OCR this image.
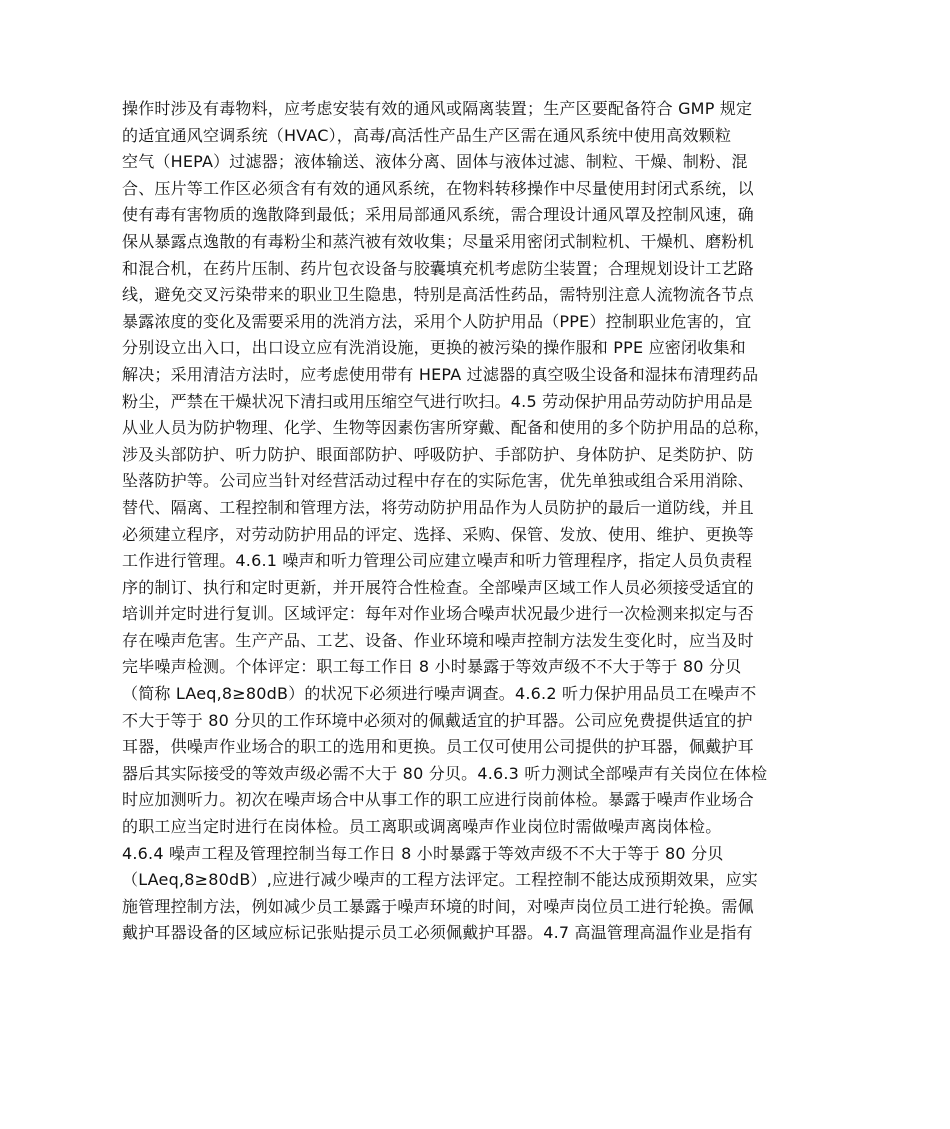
操作时涉及有毒物料，应考虑安装有效的通风或隔离装置；生产区要配备符合 GMP 规定
的适宜通风空调系统（HVAC），高毒/高活性产品生产区需在通风系统中使用高效颗粒
空气（HEPA）过滤器；液体输送、液体分离、固体与液体过滤、制粒、干燥、制粉、混
合、压片等工作区必须含有有效的通风系统，在物料转移操作中尽量使用封闭式系统，以
使有毒有害物质的逸散降到最低；采用局部通风系统，需合理设计通风罩及控制风速，确
保从暴露点逸散的有毒粉尘和蒸汽被有效收集；尽量采用密闭式制粒机、干燥机、磨粉机
和混合机，在药片压制、药片包衣设备与胶囊填充机考虑防尘装置；合理规划设计工艺路
线，避免交叉污染带来的职业卫生隐患，特别是高活性药品，需特别注意人流物流各节点
暴露浓度的变化及需要采用的洗消方法，采用个人防护用品（PPE）控制职业危害的，宜
分别设立出入口，出口设立应有洗消设施，更换的被污染的操作服和 PPE 应密闭收集和
解决；采用清洁方法时，应考虑使用带有 HEPA 过滤器的真空吸尘设备和湿抹布清理药品
粉尘，严禁在干燥状况下清扫或用压缩空气进行吹扫。4.5 劳动保护用品劳动防护用品是
从业人员为防护物理、化学、生物等因素伤害所穿戴、配备和使用的多个防护用品的总称，
涉及头部防护、听力防护、眼面部防护、呼吸防护、手部防护、身体防护、足类防护、防
坠落防护等。公司应当针对经营活动过程中存在的实际危害，优先单独或组合采用消除、
替代、隔离、工程控制和管理方法，将劳动防护用品作为人员防护的最后一道防线，并且
必须建立程序，对劳动防护用品的评定、选择、采购、保管、发放、使用、维护、更换等
工作进行管理。4.6.1 噪声和听力管理公司应建立噪声和听力管理程序，指定人员负责程
序的制订、执行和定时更新，并开展符合性检查。全部噪声区域工作人员必须接受适宜的
培训并定时进行复训。区域评定：每年对作业场合噪声状况最少进行一次检测来拟定与否
存在噪声危害。生产产品、工艺、设备、作业环境和噪声控制方法发生变化时，应当及时
完毕噪声检测。个体评定：职工每工作日 8 小时暴露于等效声级不不大于等于 80 分贝
（简称 LAeq,8≥80dB）的状况下必须进行噪声调查。4.6.2 听力保护用品员工在噪声不
不大于等于 80 分贝的工作环境中必须对的佩戴适宜的护耳器。公司应免费提供适宜的护
耳器，供噪声作业场合的职工的选用和更换。员工仅可使用公司提供的护耳器，佩戴护耳
器后其实际接受的等效声级必需不大于 80 分贝。4.6.3 听力测试全部噪声有关岗位在体检
时应加测听力。初次在噪声场合中从事工作的职工应进行岗前体检。暴露于噪声作业场合
的职工应当定时进行在岗体检。员工离职或调离噪声作业岗位时需做噪声离岗体检。
4.6.4 噪声工程及管理控制当每工作日 8 小时暴露于等效声级不不大于等于 80 分贝
（LAeq,8≥80dB）,应进行减少噪声的工程方法评定。工程控制不能达成预期效果，应实
施管理控制方法，例如减少员工暴露于噪声环境的时间，对噪声岗位员工进行轮换。需佩
戴护耳器设备的区域应标记张贴提示员工必须佩戴护耳器。4.7 高温管理高温作业是指有
